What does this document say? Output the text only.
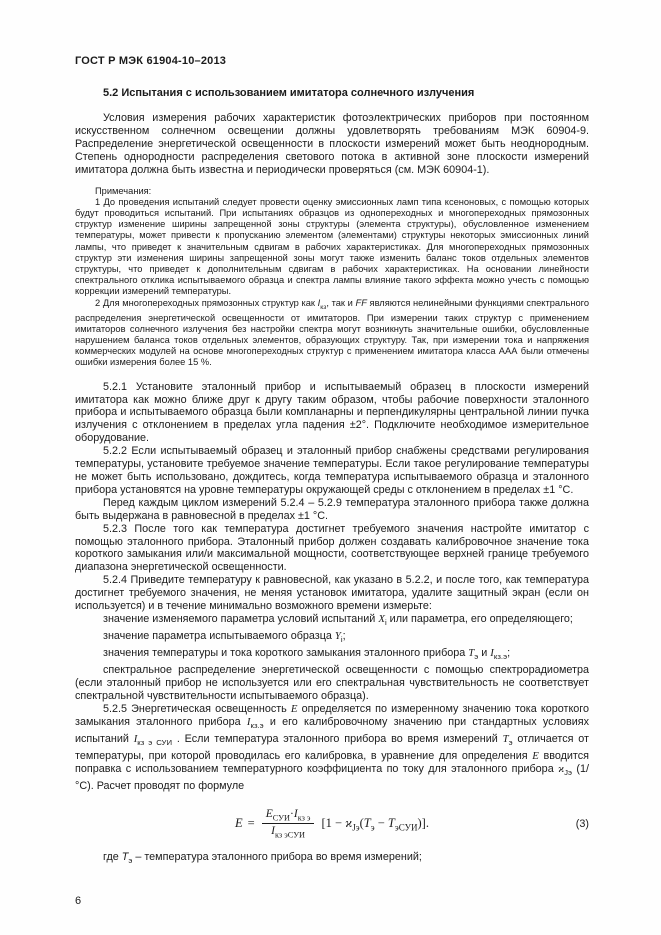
ГОСТ Р МЭК 61904-10–2013
5.2 Испытания с использованием имитатора солнечного излучения

Условия измерения рабочих характеристик фотоэлектрических приборов при постоянном искусственном солнечном освещении должны удовлетворять требованиям МЭК 60904-9. Распределение энергетической освещенности в плоскости измерений может быть неоднородным. Степень однородности распределения светового потока в активной зоне плоскости измерений имитатора должна быть известна и периодически проверяться (см. МЭК 60904-1).

Примечания:

1 До проведения испытаний следует провести оценку эмиссионных ламп типа ксеноновых, с помощью которых будут проводиться испытаний. При испытаниях образцов из однопереходных и многопереходных прямозонных структур изменение ширины запрещенной зоны структуры (элемента структуры), обусловленное изменением температуры, может привести к пропусканию элементом (элементами) структуры некоторых эмиссионных линий лампы, что приведет к значительным сдвигам в рабочих характеристиках. Для многопереходных прямозонных структур эти изменения ширины запрещенной зоны могут также изменить баланс токов отдельных элементов структуры, что приведет к дополнительным сдвигам в рабочих характеристиках. На основании линейности спектрального отклика испытываемого образца и спектра лампы влияние такого эффекта можно учесть с помощью коррекции измерений температуры.

2 Для многопереходных прямозонных структур как $I_{кз}$, так и FF являются нелинейными функциями спектрального распределения энергетической освещенности от имитаторов. При измерении таких структур с применением имитаторов солнечного излучения без настройки спектра могут возникнуть значительные ошибки, обусловленные нарушением баланса токов отдельных элементов, образующих структуру. Так, при измерении тока и напряжения коммерческих модулей на основе многопереходных структур с применением имитатора класса ААА были отмечены ошибки измерения более 15 %.

5.2.1 Установите эталонный прибор и испытываемый образец в плоскости измерений имитатора как можно ближе друг к другу таким образом, чтобы рабочие поверхности эталонного прибора и испытываемого образца были компланарны и перпендикулярны центральной линии пучка излучения с отклонением в пределах угла падения ±2°. Подключите необходимое измерительное оборудование.

5.2.2 Если испытываемый образец и эталонный прибор снабжены средствами регулирования температуры, установите требуемое значение температуры. Если такое регулирование температуры не может быть использовано, дождитесь, когда температура испытываемого образца и эталонного прибора установятся на уровне температуры окружающей среды с отклонением в пределах ±1 °С.

Перед каждым циклом измерений 5.2.4 – 5.2.9 температура эталонного прибора также должна быть выдержана в равновесной в пределах ±1 °С.

5.2.3 После того как температура достигнет требуемого значения настройте имитатор с помощью эталонного прибора. Эталонный прибор должен создавать калибровочное значение тока короткого замыкания или/и максимальной мощности, соответствующее верхней границе требуемого диапазона энергетической освещенности.

5.2.4 Приведите температуру к равновесной, как указано в 5.2.2, и после того, как температура достигнет требуемого значения, не меняя установок имитатора, удалите защитный экран (если он используется) и в течение минимально возможного времени измерьте:

значение изменяемого параметра условий испытаний $X_i$ или параметра, его определяющего;

значение параметра испытываемого образца $Y_i$;

значения температуры и тока короткого замыкания эталонного прибора $Т_э$ и $I_{кз.э}$;

спектральное распределение энергетической освещенности с помощью спектрорадиометра (если эталонный прибор не используется или его спектральная чувствительность не соответствует спектральной чувствительности испытываемого образца).

5.2.5 Энергетическая освещенность Е определяется по измеренному значению тока короткого замыкания эталонного прибора $I_{кз.э}$ и его калибровочному значению при стандартных условиях испытаний $I_{кз э СУИ}$ . Если температура эталонного прибора во время измерений $Т_э$ отличается от температуры, при которой проводилась его калибровка, в уравнение для определения Е вводится поправка с использованием температурного коэффициента по току для эталонного прибора $ϰ_{Jэ}$ (1/°С). Расчет проводят по формуле

$E = \frac{E_{СУИ}\cdot I_{кз э}}{I_{кз эСУИ}} [1 - ϰ_{Jэ}(Т_э - Т_{эСУИ})]$.	(3)

где $Т_э$ – температура эталонного прибора во время измерений;

6
